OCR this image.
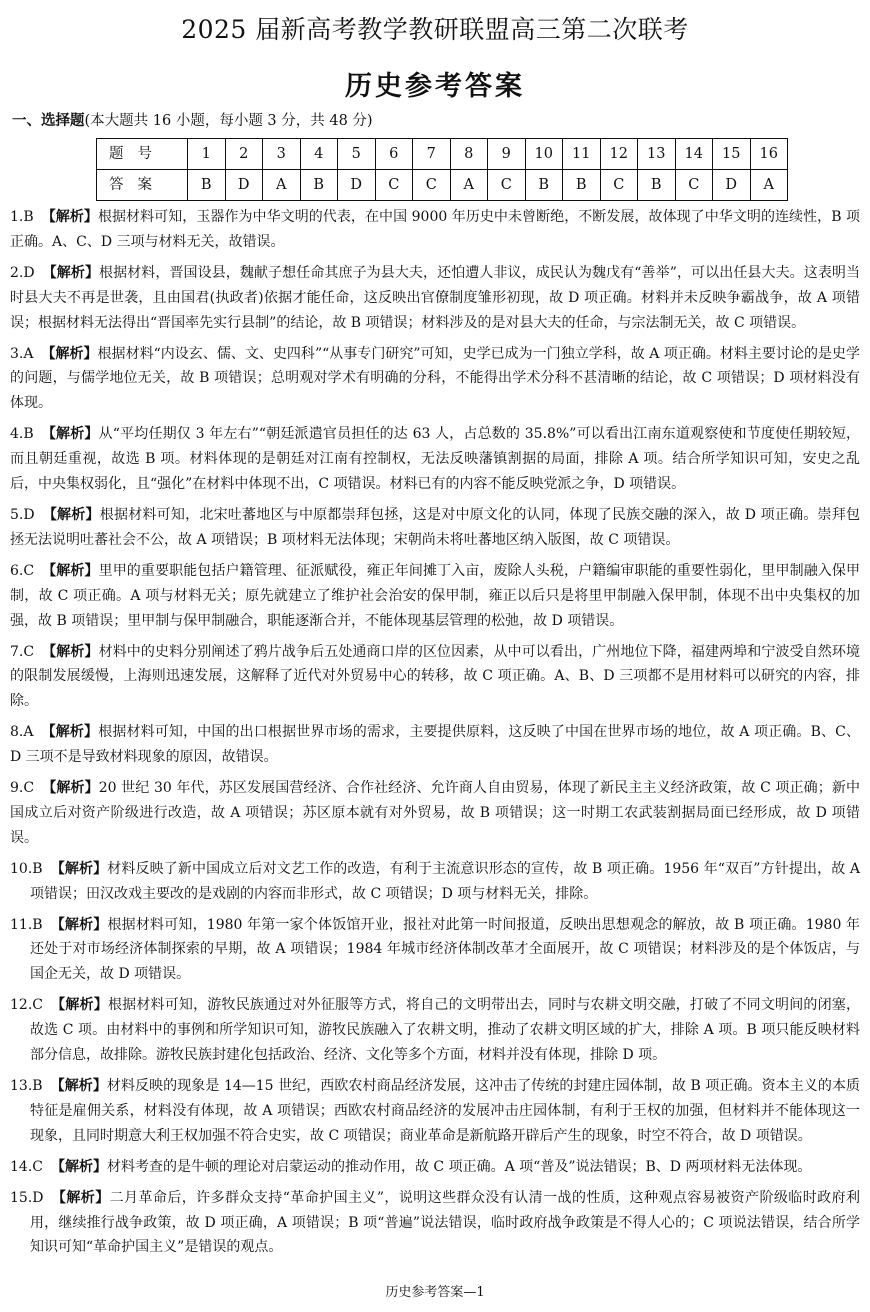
2025 届新高考教学教研联盟高三第二次联考
历史参考答案
一、选择题(本大题共 16 小题，每小题 3 分，共 48 分)
题号	1	2	3	4	5	6	7	8	9	10	11	12	13	14	15	16
答案	B	D	A	B	D	C	C	A	C	B	B	C	B	C	D	A
1.B 【解析】根据材料可知，玉器作为中华文明的代表，在中国 9000 年历史中未曾断绝，不断发展，故体现了中华文明的连续性，B 项正确。A、C、D 三项与材料无关，故错误。
2.D 【解析】根据材料，晋国设县，魏献子想任命其庶子为县大夫，还怕遭人非议，成民认为魏戊有“善举”，可以出任县大夫。这表明当时县大夫不再是世袭，且由国君(执政者)依据才能任命，这反映出官僚制度雏形初现，故 D 项正确。材料并未反映争霸战争，故 A 项错误；根据材料无法得出“晋国率先实行县制”的结论，故 B 项错误；材料涉及的是对县大夫的任命，与宗法制无关，故 C 项错误。
3.A 【解析】根据材料“内设玄、儒、文、史四科”“从事专门研究”可知，史学已成为一门独立学科，故 A 项正确。材料主要讨论的是史学的问题，与儒学地位无关，故 B 项错误；总明观对学术有明确的分科，不能得出学术分科不甚清晰的结论，故 C 项错误；D 项材料没有体现。
4.B 【解析】从“平均任期仅 3 年左右”“朝廷派遣官员担任的达 63 人，占总数的 35.8%”可以看出江南东道观察使和节度使任期较短，而且朝廷重视，故选 B 项。材料体现的是朝廷对江南有控制权，无法反映藩镇割据的局面，排除 A 项。结合所学知识可知，安史之乱后，中央集权弱化，且“强化”在材料中体现不出，C 项错误。材料已有的内容不能反映党派之争，D 项错误。
5.D 【解析】根据材料可知，北宋吐蕃地区与中原都崇拜包拯，这是对中原文化的认同，体现了民族交融的深入，故 D 项正确。崇拜包拯无法说明吐蕃社会不公，故 A 项错误；B 项材料无法体现；宋朝尚未将吐蕃地区纳入版图，故 C 项错误。
6.C 【解析】里甲的重要职能包括户籍管理、征派赋役，雍正年间摊丁入亩，废除人头税，户籍编审职能的重要性弱化，里甲制融入保甲制，故 C 项正确。A 项与材料无关；原先就建立了维护社会治安的保甲制，雍正以后只是将里甲制融入保甲制，体现不出中央集权的加强，故 B 项错误；里甲制与保甲制融合，职能逐渐合并，不能体现基层管理的松弛，故 D 项错误。
7.C 【解析】材料中的史料分别阐述了鸦片战争后五处通商口岸的区位因素，从中可以看出，广州地位下降，福建两埠和宁波受自然环境的限制发展缓慢，上海则迅速发展，这解释了近代对外贸易中心的转移，故 C 项正确。A、B、D 三项都不是用材料可以研究的内容，排除。
8.A 【解析】根据材料可知，中国的出口根据世界市场的需求，主要提供原料，这反映了中国在世界市场的地位，故 A 项正确。B、C、D 三项不是导致材料现象的原因，故错误。
9.C 【解析】20 世纪 30 年代，苏区发展国营经济、合作社经济、允许商人自由贸易，体现了新民主主义经济政策，故 C 项正确；新中国成立后对资产阶级进行改造，故 A 项错误；苏区原本就有对外贸易，故 B 项错误；这一时期工农武装割据局面已经形成，故 D 项错误。
10.B 【解析】材料反映了新中国成立后对文艺工作的改造，有利于主流意识形态的宣传，故 B 项正确。1956 年“双百”方针提出，故 A 项错误；田汉改戏主要改的是戏剧的内容而非形式，故 C 项错误；D 项与材料无关，排除。
11.B 【解析】根据材料可知，1980 年第一家个体饭馆开业，报社对此第一时间报道，反映出思想观念的解放，故 B 项正确。1980 年还处于对市场经济体制探索的早期，故 A 项错误；1984 年城市经济体制改革才全面展开，故 C 项错误；材料涉及的是个体饭店，与国企无关，故 D 项错误。
12.C 【解析】根据材料可知，游牧民族通过对外征服等方式，将自己的文明带出去，同时与农耕文明交融，打破了不同文明间的闭塞，故选 C 项。由材料中的事例和所学知识可知，游牧民族融入了农耕文明，推动了农耕文明区域的扩大，排除 A 项。B 项只能反映材料部分信息，故排除。游牧民族封建化包括政治、经济、文化等多个方面，材料并没有体现，排除 D 项。
13.B 【解析】材料反映的现象是 14—15 世纪，西欧农村商品经济发展，这冲击了传统的封建庄园体制，故 B 项正确。资本主义的本质特征是雇佣关系，材料没有体现，故 A 项错误；西欧农村商品经济的发展冲击庄园体制，有利于王权的加强，但材料并不能体现这一现象，且同时期意大利王权加强不符合史实，故 C 项错误；商业革命是新航路开辟后产生的现象，时空不符合，故 D 项错误。
14.C 【解析】材料考查的是牛顿的理论对启蒙运动的推动作用，故 C 项正确。A 项“普及”说法错误；B、D 两项材料无法体现。
15.D 【解析】二月革命后，许多群众支持“革命护国主义”，说明这些群众没有认清一战的性质，这种观点容易被资产阶级临时政府利用，继续推行战争政策，故 D 项正确，A 项错误；B 项“普遍”说法错误，临时政府战争政策是不得人心的；C 项说法错误，结合所学知识可知“革命护国主义”是错误的观点。
历史参考答案—1
